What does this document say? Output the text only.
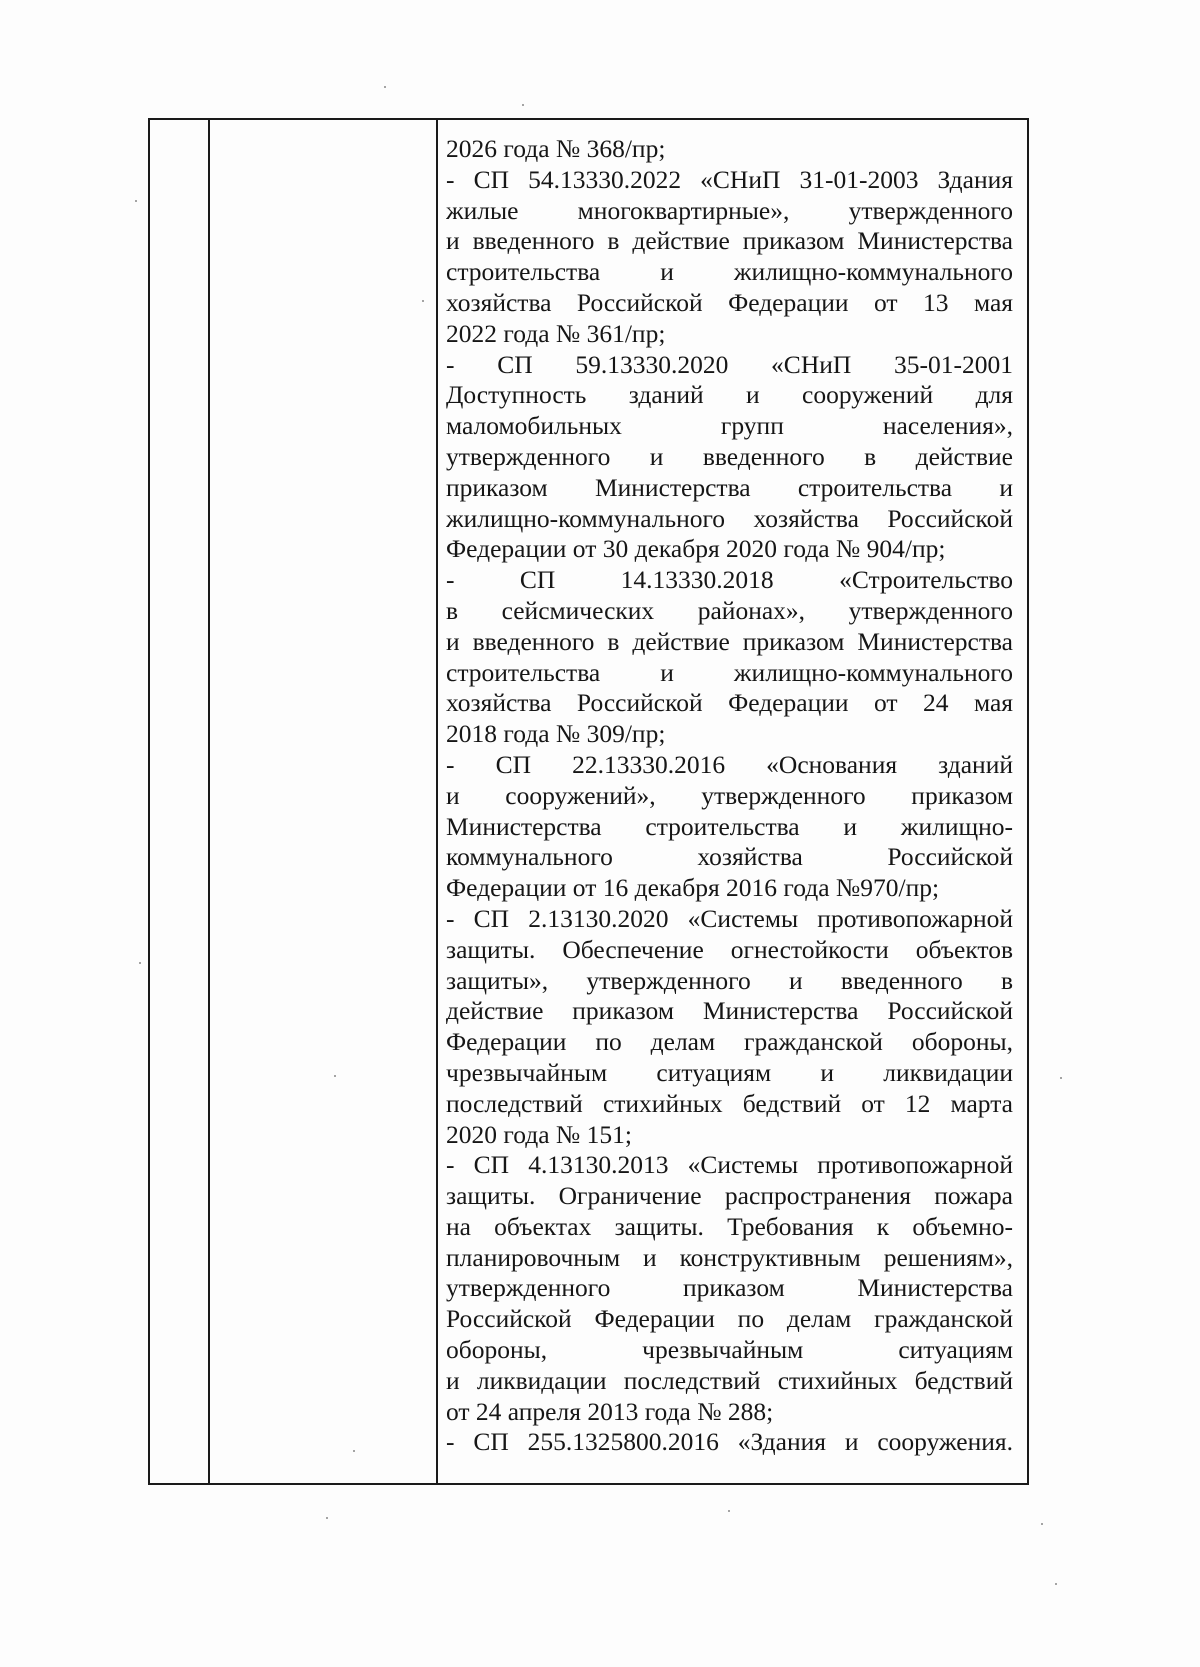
2026 года № 368/пр;
- СП 54.13330.2022 «СНиП 31-01-2003 Здания
жилые многоквартирные», утвержденного
и введенного в действие приказом Министерства
строительства и жилищно-коммунального
хозяйства Российской Федерации от 13 мая
2022 года № 361/пр;
- СП 59.13330.2020 «СНиП 35-01-2001
Доступность зданий и сооружений для
маломобильных групп населения»,
утвержденного и введенного в действие
приказом Министерства строительства и
жилищно-коммунального хозяйства Российской
Федерации от 30 декабря 2020 года № 904/пр;
- СП 14.13330.2018 «Строительство
в сейсмических районах», утвержденного
и введенного в действие приказом Министерства
строительства и жилищно-коммунального
хозяйства Российской Федерации от 24 мая
2018 года № 309/пр;
- СП 22.13330.2016 «Основания зданий
и сооружений», утвержденного приказом
Министерства строительства и жилищно-
коммунального хозяйства Российской
Федерации от 16 декабря 2016 года №970/пр;
- СП 2.13130.2020 «Системы противопожарной
защиты. Обеспечение огнестойкости объектов
защиты», утвержденного и введенного в
действие приказом Министерства Российской
Федерации по делам гражданской обороны,
чрезвычайным ситуациям и ликвидации
последствий стихийных бедствий от 12 марта
2020 года № 151;
- СП 4.13130.2013 «Системы противопожарной
защиты. Ограничение распространения пожара
на объектах защиты. Требования к объемно-
планировочным и конструктивным решениям»,
утвержденного приказом Министерства
Российской Федерации по делам гражданской
обороны, чрезвычайным ситуациям
и ликвидации последствий стихийных бедствий
от 24 апреля 2013 года № 288;
- СП 255.1325800.2016 «Здания и сооружения.
